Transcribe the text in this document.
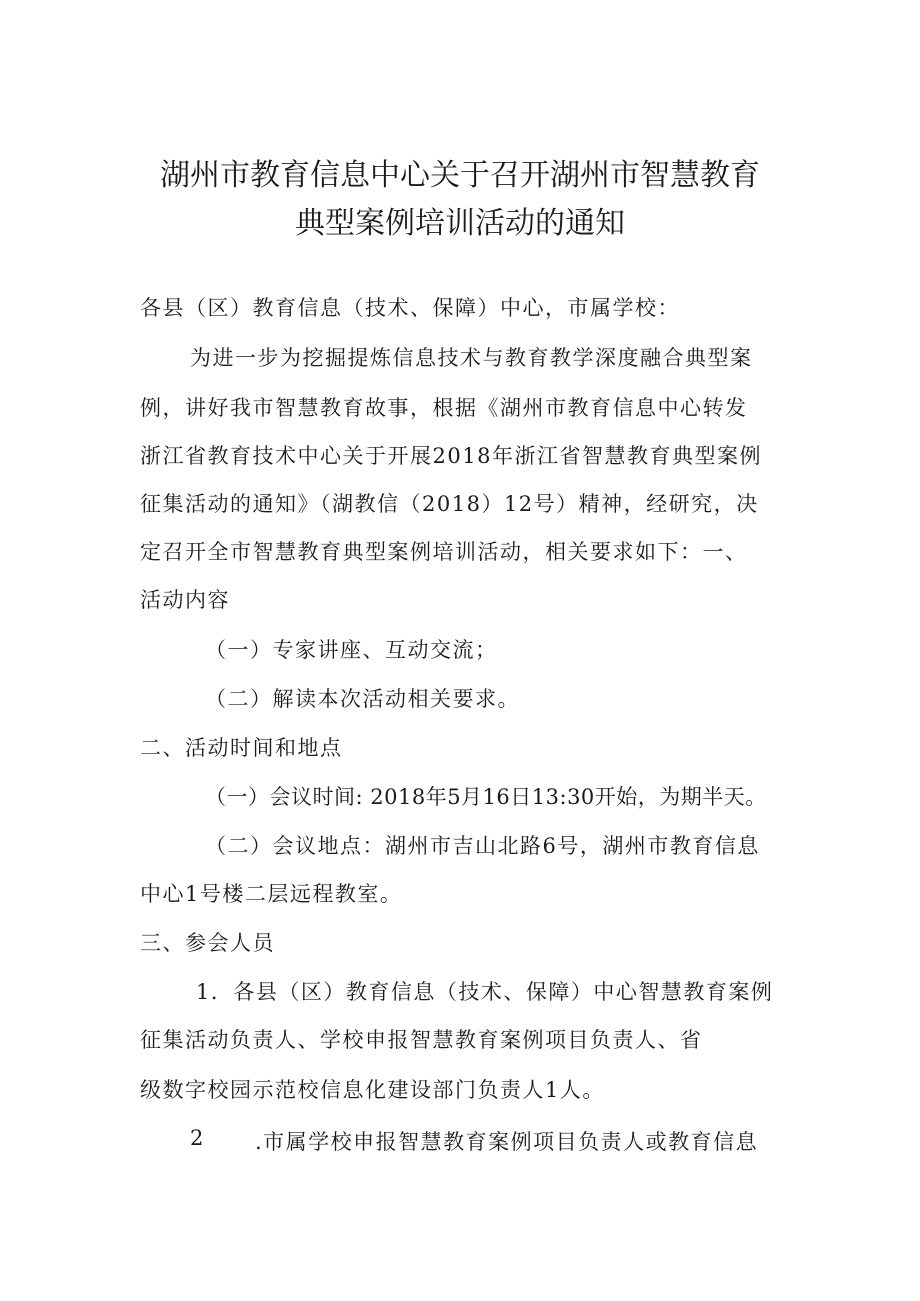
湖州市教育信息中心关于召开湖州市智慧教育
典型案例培训活动的通知

各县（区）教育信息（技术、保障）中心，市属学校：

为进一步为挖掘提炼信息技术与教育教学深度融合典型案

例，讲好我市智慧教育故事，根据《湖州市教育信息中心转发

浙江省教育技术中心关于开展2018年浙江省智慧教育典型案例

征集活动的通知》（湖教信（2018）12号）精神，经研究，决

定召开全市智慧教育典型案例培训活动，相关要求如下：一、

活动内容

（一）专家讲座、互动交流；

（二）解读本次活动相关要求。

二、活动时间和地点

（一）会议时间: 2018年5月16日13:30开始，为期半天。

（二）会议地点：湖州市吉山北路6号，湖州市教育信息

中心1号楼二层远程教室。

三、参会人员

1．各县（区）教育信息（技术、保障）中心智慧教育案例

征集活动负责人、学校申报智慧教育案例项目负责人、省

级数字校园示范校信息化建设部门负责人1人。

2 .市属学校申报智慧教育案例项目负责人或教育信息
